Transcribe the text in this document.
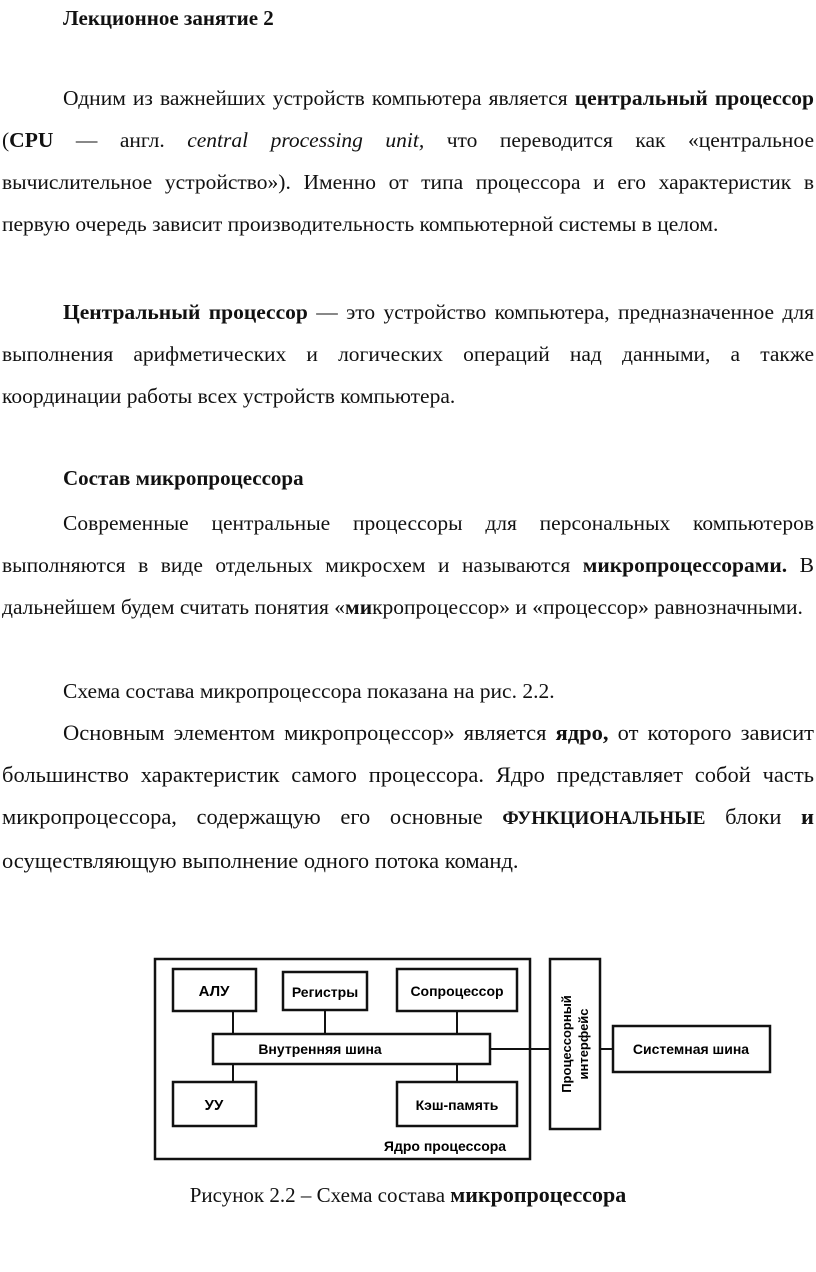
Лекционное занятие 2

Одним из важнейших устройств компьютера является центральный процессор (CPU — англ. central processing unit, что переводится как «центральное вычислительное устройство»). Именно от типа процессора и его характеристик в первую очередь зависит производительность компьютерной системы в целом.

Центральный процессор — это устройство компьютера, предназначенное для выполнения арифметических и логических операций над данными, а также координации работы всех устройств компьютера.

Состав микропроцессора

Современные центральные процессоры для персональных компьютеров выполняются в виде отдельных микросхем и называются микропроцессорами. В дальнейшем будем считать понятия «микропроцессор» и «процессор» равнозначными.

Схема состава микропроцессора показана на рис. 2.2.

Основным элементом микропроцессор» является ядро, от которого зависит большинство характеристик самого процессора. Ядро представляет собой часть микропроцессора, содержащую его основные ФУНКЦИОНАЛЬНЫЕ блоки и осуществляющую выполнение одного потока команд.

АЛУ	Регистры	Сопроцессор
Внутренняя шина
УУ	Кэш-память
Ядро процессора
Процессорный интерфейс	Системная шина
Рисунок 2.2 – Схема состава микропроцессора
